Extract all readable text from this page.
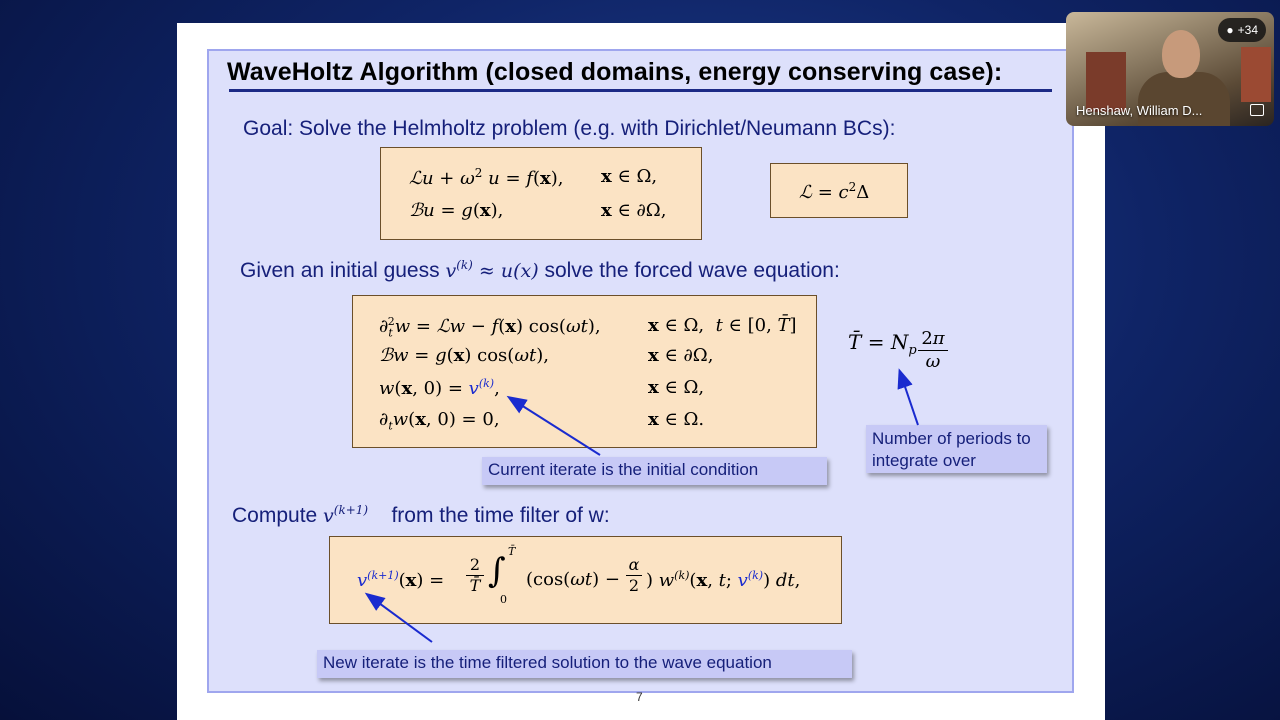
WaveHoltz Algorithm (closed domains, energy conserving case):
Goal: Solve the Helmholtz problem (e.g. with Dirichlet/Neumann BCs):
ℒu + $\omega^2$ u = f(x), x ∈ Ω,
ℬu = g(x),	x ∈ ∂Ω,
ℒ = $c^2\Delta$
Given an initial guess $v^{(k)} \approx u(x)$ solve the forced wave equation:
$\partial_t^2w$ = ℒw − f(x) cos(ωt),	x ∈ Ω,  t ∈ [0, T̄]
ℬw = g(x) cos(ωt),	x ∈ ∂Ω,
w(x, $0) = v^{(k)}$,	x ∈ Ω,
$\partial_tw(x$, 0) = 0,	x ∈ Ω.
T̄ = $N_p$
2π
ω
Number of periods to integrate over
Current iterate is the initial condition
Compute $v^{(k+1)}$ from the time filter of w:
$v^{(k+1)}(x)$ =
2
T̄ ∫ T̄
0
(cos(ωt) −
α
2 ) $w^{(k)}(x$, t; $v^{(k)}$) dt,
New iterate is the time filtered solution to the wave equation
7
● +34
Henshaw, William D...
